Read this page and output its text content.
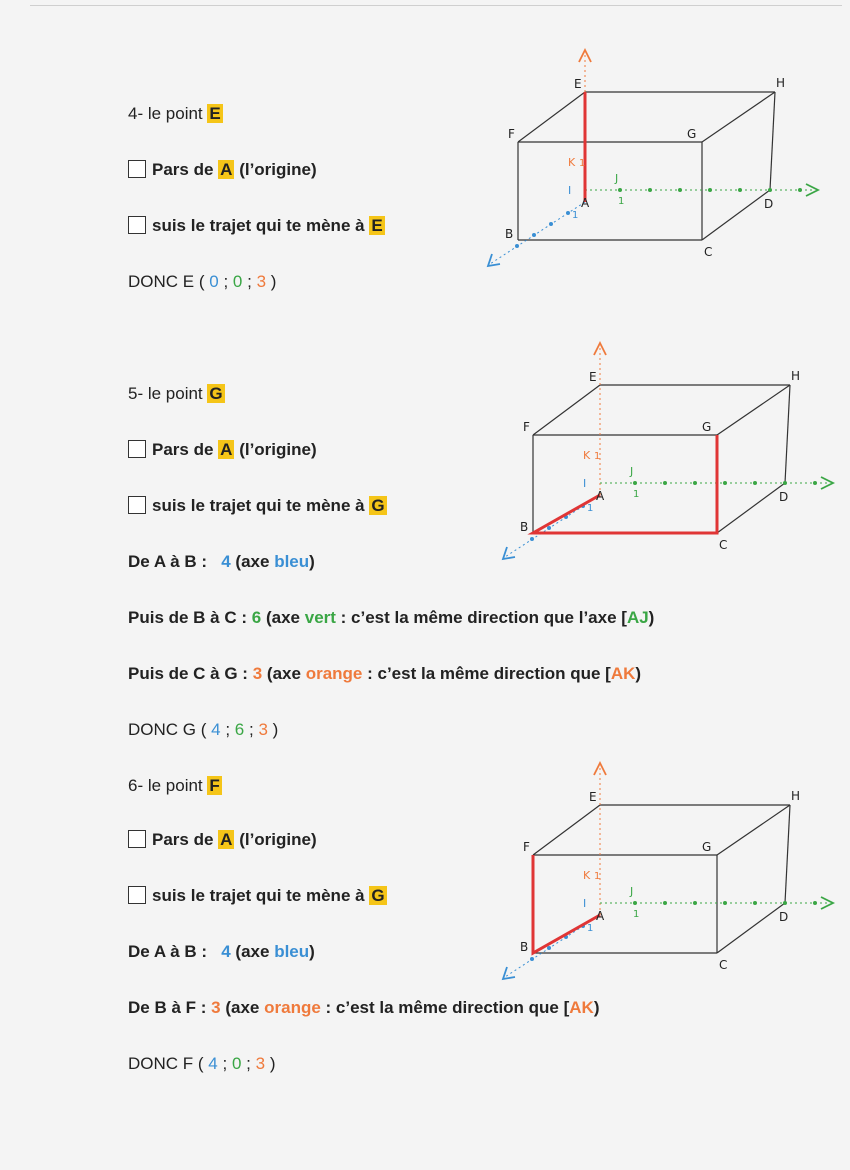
4- le point E
Pars de A (l’origine)
suis le trajet qui te mène à E
DONC E ( 0 ; 0 ; 3 )
5- le point G
Pars de A (l’origine)
suis le trajet qui te mène à G
De A à B : 4 (axe bleu)
Puis de B à C : 6 (axe vert : c’est la même direction que l’axe [AJ)
Puis de C à G : 3 (axe orange : c’est la même direction que [AK)
DONC G ( 4 ; 6 ; 3 )
6- le point F
Pars de A (l’origine)
suis le trajet qui te mène à G
De A à B : 4 (axe bleu)
De B à F : 3 (axe orange : c’est la même direction que [AK)
DONC F ( 4 ; 0 ; 3 )
K 1
J
1
I
1
E	H
F	G
A
B
C
D
K 1
J
1
I
1
E	H
F	G
A
B
C
D
K 1
J
1
I
1
E	H
F	G
A
B
C
D
